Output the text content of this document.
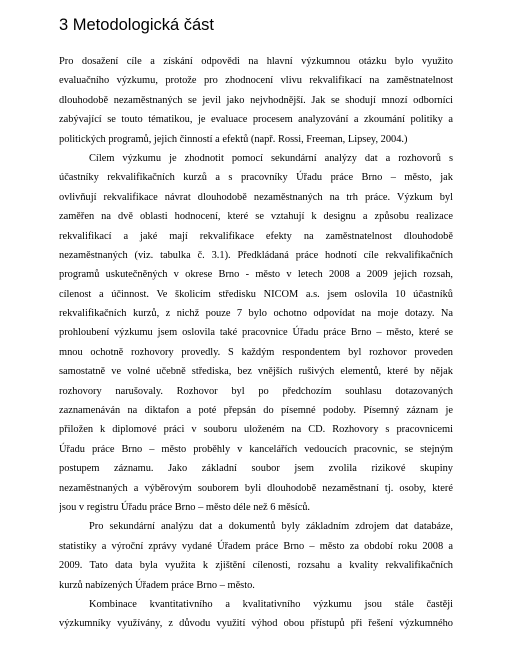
3 Metodologická část
Pro dosažení cíle a získání odpovědi na hlavní výzkumnou otázku bylo využito
evaluačního výzkumu, protože pro zhodnocení vlivu rekvalifikací na zaměstnatelnost
dlouhodobě nezaměstnaných se jevil jako nejvhodnější. Jak se shodují mnozí odborníci
zabývající se touto tématikou, je evaluace procesem analyzování a zkoumání politiky a
politických programů, jejich činností a efektů (např. Rossi, Freeman, Lipsey, 2004.)
Cílem výzkumu je zhodnotit pomocí sekundární analýzy dat a rozhovorů s
účastníky rekvalifikačních kurzů a s pracovníky Úřadu práce Brno – město, jak
ovlivňují rekvalifikace návrat dlouhodobě nezaměstnaných na trh práce. Výzkum byl
zaměřen na dvě oblasti hodnocení, které se vztahují k designu a způsobu realizace
rekvalifikací a jaké mají rekvalifikace efekty na zaměstnatelnost dlouhodobě
nezaměstnaných (viz. tabulka č. 3.1). Předkládaná práce hodnotí cíle rekvalifikačních
programů uskutečněných v okrese Brno - město v letech 2008 a 2009 jejich rozsah,
cílenost a účinnost. Ve školicím středisku NICOM a.s. jsem oslovila 10 účastníků
rekvalifikačních kurzů, z nichž pouze 7 bylo ochotno odpovídat na moje dotazy. Na
prohloubení výzkumu jsem oslovila také pracovnice Úřadu práce Brno – město, které se
mnou ochotně rozhovory provedly. S každým respondentem byl rozhovor proveden
samostatně ve volné učebně střediska, bez vnějších rušivých elementů, které by nějak
rozhovory narušovaly. Rozhovor byl po předchozím souhlasu dotazovaných
zaznamenáván na diktafon a poté přepsán do písemné podoby. Písemný záznam je
přiložen k diplomové práci v souboru uloženém na CD. Rozhovory s pracovnicemi
Úřadu práce Brno – město proběhly v kancelářích vedoucích pracovnic, se stejným
postupem záznamu. Jako základní soubor jsem zvolila rizikové skupiny
nezaměstnaných a výběrovým souborem byli dlouhodobě nezaměstnaní tj. osoby, které
jsou v registru Úřadu práce Brno – město déle než 6 měsíců.
Pro sekundární analýzu dat a dokumentů byly základním zdrojem dat databáze,
statistiky a výroční zprávy vydané Úřadem práce Brno – město za období roku 2008 a
2009. Tato data byla využita k zjištění cílenosti, rozsahu a kvality rekvalifikačních
kurzů nabízených Úřadem práce Brno – město.
Kombinace kvantitativního a kvalitativního výzkumu jsou stále častěji
výzkumníky využívány, z důvodu využití výhod obou přístupů při řešení výzkumného
